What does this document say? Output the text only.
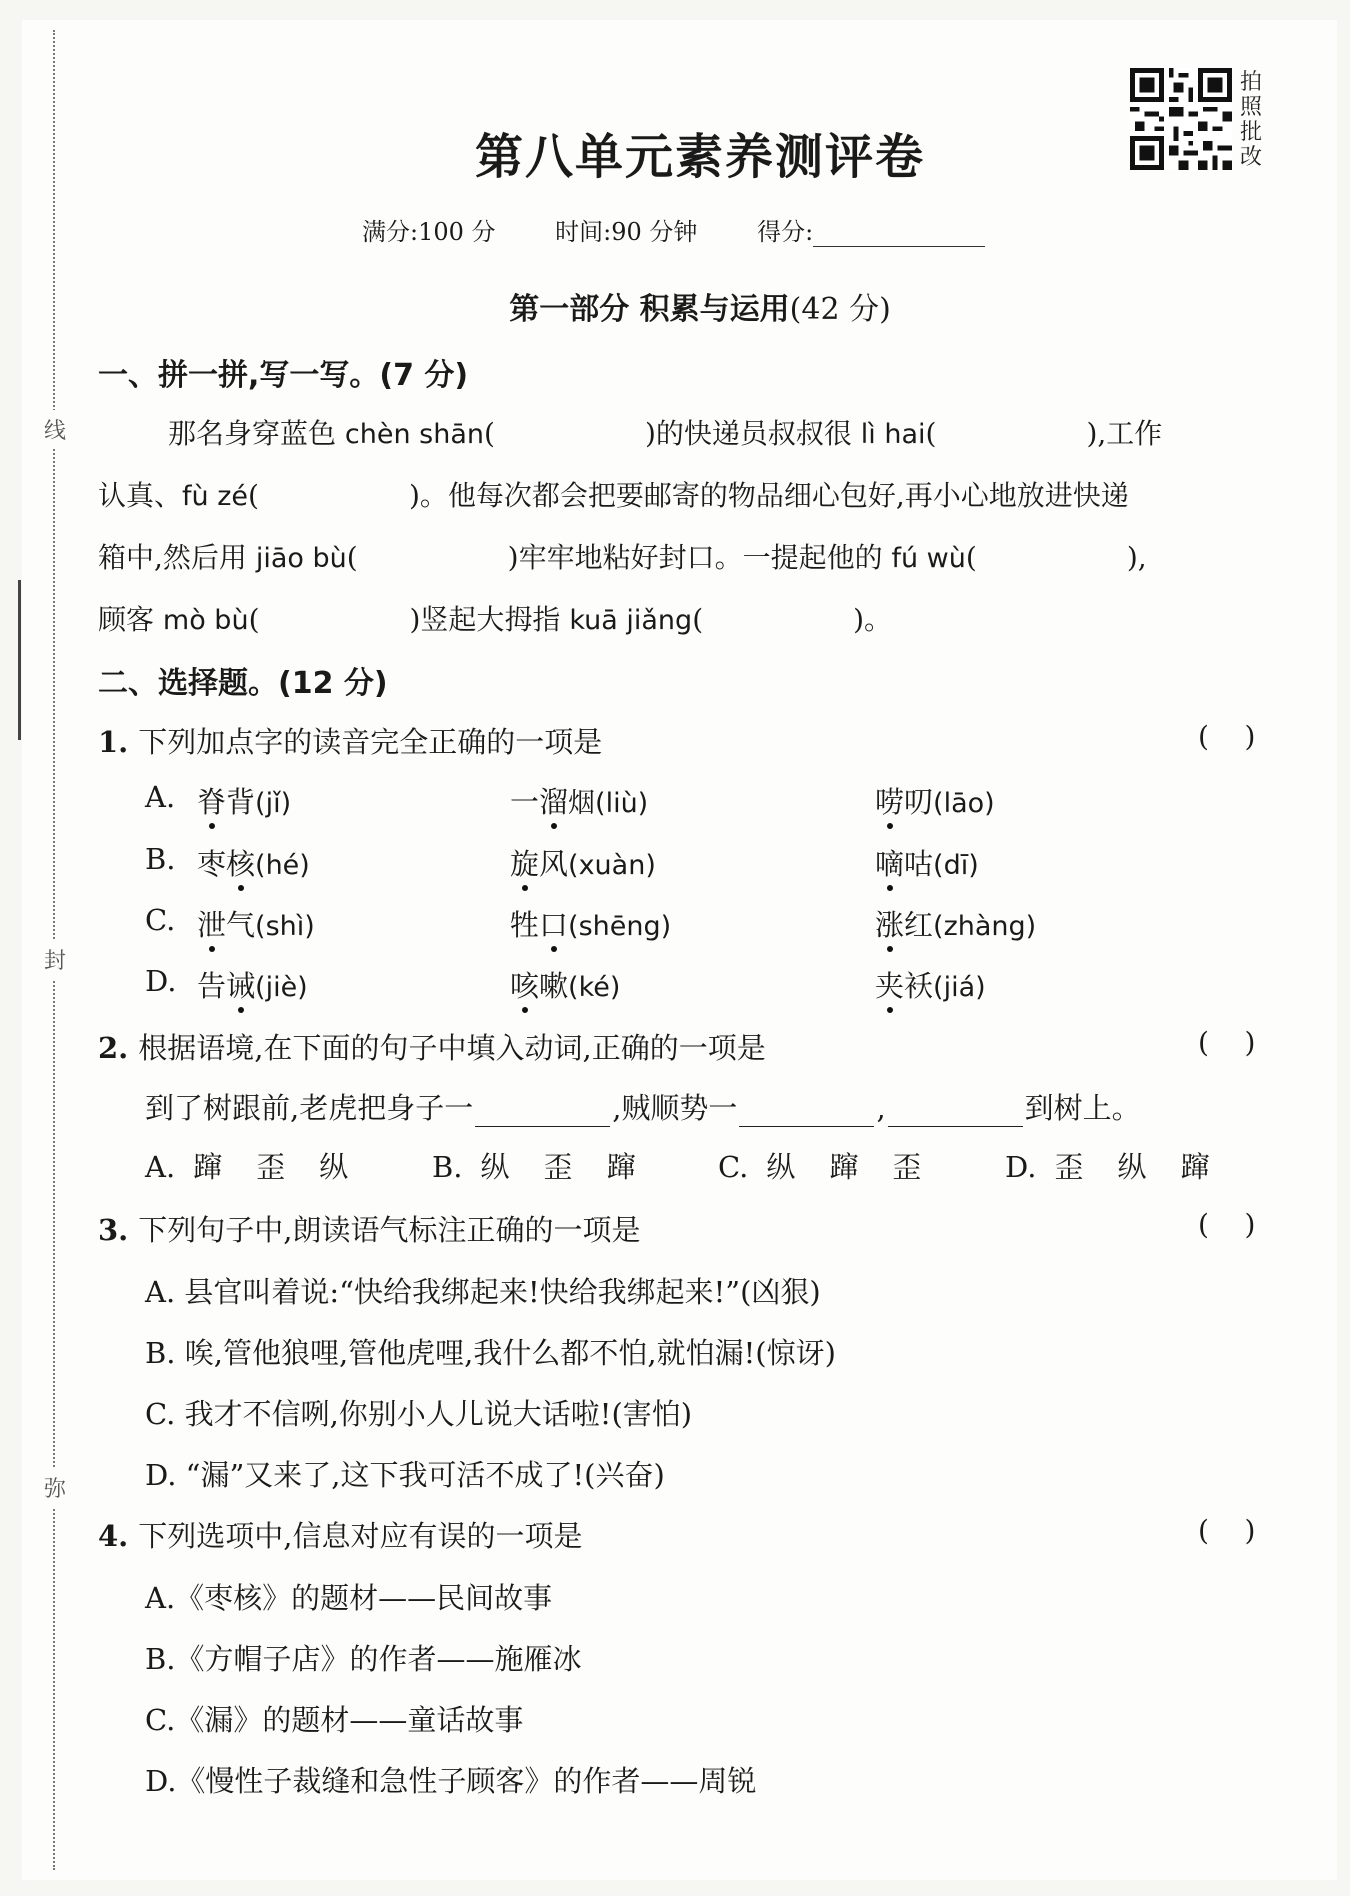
线
封
弥
拍
照
批
改
第八单元素养测评卷
满分:100 分 时间:90 分钟 得分:
第一部分 积累与运用(42 分)
一、拼一拼,写一写。(7 分)
那名身穿蓝色 chèn shān(	)的快递员叔叔很 lì hai(	),工作
认真、fù zé(	)。他每次都会把要邮寄的物品细心包好,再小心地放进快递
箱中,然后用 jiāo bù(	)牢牢地粘好封口。一提起他的 fú wù(	),
顾客 mò bù(	)竖起大拇指 kuā jiǎng(	)。
二、选择题。(12 分)
1. 下列加点字的读音完全正确的一项是	(    )
A. 脊背(jǐ)	一溜烟(liù)	唠叨(lāo)
B. 枣核(hé)	旋风(xuàn)	嘀咕(dī)
C. 泄气(shì)	牲口(shēng)	涨红(zhàng)
D. 告诫(jiè)	咳嗽(ké)	夹袄(jiá)
2. 根据语境,在下面的句子中填入动词,正确的一项是	(    )
到了树跟前,老虎把身子一	,贼顺势一	,	到树上。
A. 蹿 歪 纵	B. 纵 歪 蹿	C. 纵 蹿 歪	D. 歪 纵 蹿
3. 下列句子中,朗读语气标注正确的一项是	(    )
A. 县官叫着说:“快给我绑起来!快给我绑起来!”(凶狠)
B. 唉,管他狼哩,管他虎哩,我什么都不怕,就怕漏!(惊讶)
C. 我才不信咧,你别小人儿说大话啦!(害怕)
D. “漏”又来了,这下我可活不成了!(兴奋)
4. 下列选项中,信息对应有误的一项是	(    )
A.《枣核》的题材——民间故事
B.《方帽子店》的作者——施雁冰
C.《漏》的题材——童话故事
D.《慢性子裁缝和急性子顾客》的作者——周锐
